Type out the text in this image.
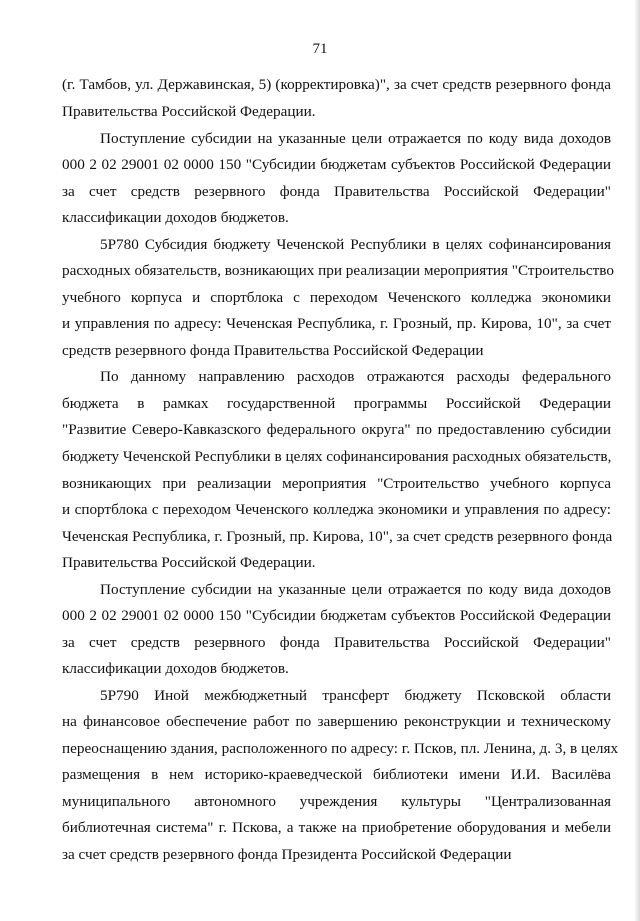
71
(г. Тамбов, ул. Державинская, 5) (корректировка)", за счет средств резервного фонда
Правительства Российской Федерации.
Поступление субсидии на указанные цели отражается по коду вида доходов
000 2 02 29001 02 0000 150 "Субсидии бюджетам субъектов Российской Федерации
за счет средств резервного фонда Правительства Российской Федерации"
классификации доходов бюджетов.
5Р780 Субсидия бюджету Чеченской Республики в целях софинансирования
расходных обязательств, возникающих при реализации мероприятия "Строительство
учебного корпуса и спортблока с переходом Чеченского колледжа экономики
и управления по адресу: Чеченская Республика, г. Грозный, пр. Кирова, 10", за счет
средств резервного фонда Правительства Российской Федерации
По данному направлению расходов отражаются расходы федерального
бюджета в рамках государственной программы Российской Федерации
"Развитие Северо-Кавказского федерального округа" по предоставлению субсидии
бюджету Чеченской Республики в целях софинансирования расходных обязательств,
возникающих при реализации мероприятия "Строительство учебного корпуса
и спортблока с переходом Чеченского колледжа экономики и управления по адресу:
Чеченская Республика, г. Грозный, пр. Кирова, 10", за счет средств резервного фонда
Правительства Российской Федерации.
Поступление субсидии на указанные цели отражается по коду вида доходов
000 2 02 29001 02 0000 150 "Субсидии бюджетам субъектов Российской Федерации
за счет средств резервного фонда Правительства Российской Федерации"
классификации доходов бюджетов.
5Р790 Иной межбюджетный трансферт бюджету Псковской области
на финансовое обеспечение работ по завершению реконструкции и техническому
переоснащению здания, расположенного по адресу: г. Псков, пл. Ленина, д. 3, в целях
размещения в нем историко-краеведческой библиотеки имени И.И. Василёва
муниципального автономного учреждения культуры "Централизованная
библиотечная система" г. Пскова, а также на приобретение оборудования и мебели
за счет средств резервного фонда Президента Российской Федерации
